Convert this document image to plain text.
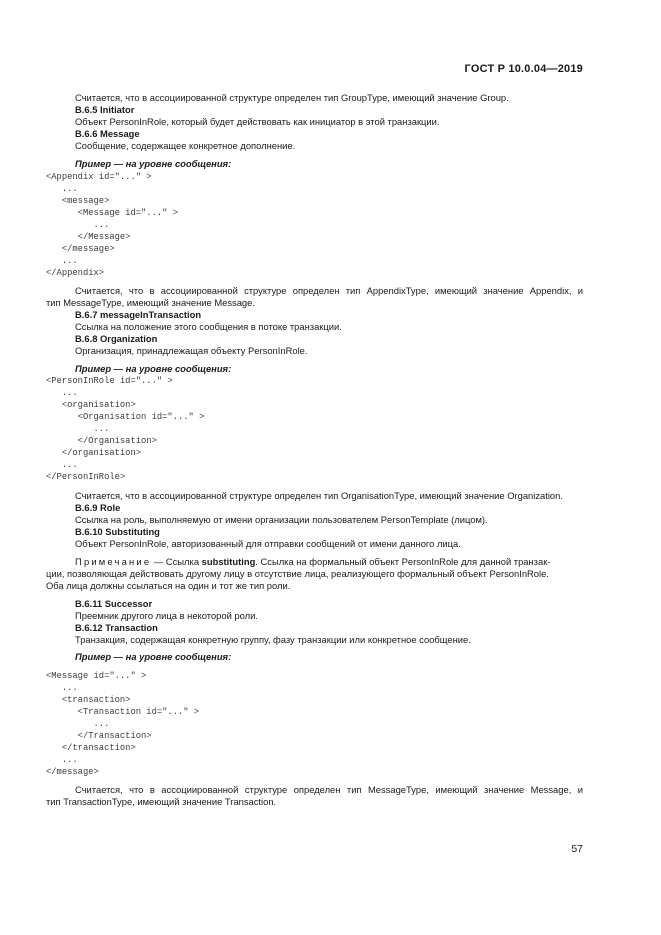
ГОСТ Р 10.0.04—2019
Считается, что в ассоциированной структуре определен тип GroupType, имеющий значение Group.
B.6.5 Initiator
Объект PersonInRole, который будет действовать как инициатор в этой транзакции.
B.6.6 Message
Сообщение, содержащее конкретное дополнение.
Пример — на уровне сообщения:
<Appendix id="..." >
...
<message>
<Message id="..." >
...
</Message>
</message>
...
</Appendix>
Считается, что в ассоциированной структуре определен тип AppendixType, имеющий значение Appendix, и
тип MessageType, имеющий значение Message.
B.6.7 messageInTransaction
Ссылка на положение этого сообщения в потоке транзакции.
B.6.8 Organization
Организация, принадлежащая объекту PersonInRole.
Пример — на уровне сообщения:
<PersonInRole id="..." >
...
<organisation>
<Organisation id="..." >
...
</Organisation>
</organisation>
...
</PersonInRole>
Считается, что в ассоциированной структуре определен тип OrganisationType, имеющий значение Organization.
B.6.9 Role
Ссылка на роль, выполняемую от имени организации пользователем PersonTemplate (лицом).
B.6.10 Substituting
Объект PersonInRole, авторизованный для отправки сообщений от имени данного лица.
Примечание — Ссылка substituting. Ссылка на формальный объект PersonInRole для данной транзак-
ции, позволяющая действовать другому лицу в отсутствие лица, реализующего формальный объект PersonInRole.
Оба лица должны ссылаться на один и тот же тип роли.
B.6.11 Successor
Преемник другого лица в некоторой роли.
B.6.12 Transaction
Транзакция, содержащая конкретную группу, фазу транзакции или конкретное сообщение.
Пример — на уровне сообщения:
<Message id="..." >
...
<transaction>
<Transaction id="..." >
...
</Transaction>
</transaction>
...
</message>
Считается, что в ассоциированной структуре определен тип MessageType, имеющий значение Message, и
тип TransactionType, имеющий значение Transaction.
57
